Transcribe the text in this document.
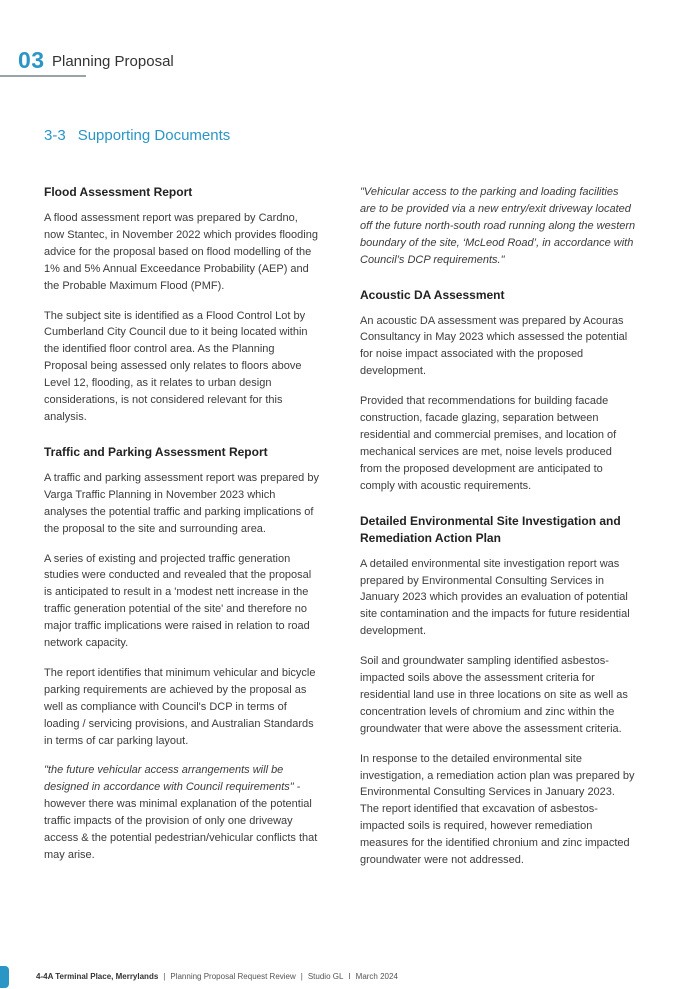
03 Planning Proposal
3-3 Supporting Documents
Flood Assessment Report

A flood assessment report was prepared by Cardno, now Stantec, in November 2022 which provides flooding advice for the proposal based on flood modelling of the 1% and 5% Annual Exceedance Probability (AEP) and the Probable Maximum Flood (PMF).

The subject site is identified as a Flood Control Lot by Cumberland City Council due to it being located within the identified floor control area. As the Planning Proposal being assessed only relates to floors above Level 12, flooding, as it relates to urban design considerations, is not considered relevant for this analysis.

Traffic and Parking Assessment Report

A traffic and parking assessment report was prepared by Varga Traffic Planning in November 2023 which analyses the potential traffic and parking implications of the proposal to the site and surrounding area.

A series of existing and projected traffic generation studies were conducted and revealed that the proposal is anticipated to result in a 'modest nett increase in the traffic generation potential of the site' and therefore no major traffic implications were raised in relation to road network capacity.

The report identifies that minimum vehicular and bicycle parking requirements are achieved by the proposal as well as compliance with Council's DCP in terms of loading / servicing provisions, and Australian Standards in terms of car parking layout.

"the future vehicular access arrangements will be designed in accordance with Council requirements" - however there was minimal explanation of the potential traffic impacts of the provision of only one driveway access & the potential pedestrian/vehicular conflicts that may arise.

"Vehicular access to the parking and loading facilities are to be provided via a new entry/exit driveway located off the future north-south road running along the western boundary of the site, ‘McLeod Road’, in accordance with Council’s DCP requirements."

Acoustic DA Assessment

An acoustic DA assessment was prepared by Acouras Consultancy in May 2023 which assessed the potential for noise impact associated with the proposed development.

Provided that recommendations for building facade construction, facade glazing, separation between residential and commercial premises, and location of mechanical services are met, noise levels produced from the proposed development are anticipated to comply with acoustic requirements.

Detailed Environmental Site Investigation and Remediation Action Plan

A detailed environmental site investigation report was prepared by Environmental Consulting Services in January 2023 which provides an evaluation of potential site contamination and the impacts for future residential development.

Soil and groundwater sampling identified asbestos-impacted soils above the assessment criteria for residential land use in three locations on site as well as concentration levels of chromium and zinc within the groundwater that were above the assessment criteria.

In response to the detailed environmental site investigation, a remediation action plan was prepared by Environmental Consulting Services in January 2023. The report identified that excavation of asbestos-impacted soils is required, however remediation measures for the identified chronium and zinc impacted groundwater were not addressed.

4-4A Terminal Place, Merrylands | Planning Proposal Request Review | Studio GL I March 2024
